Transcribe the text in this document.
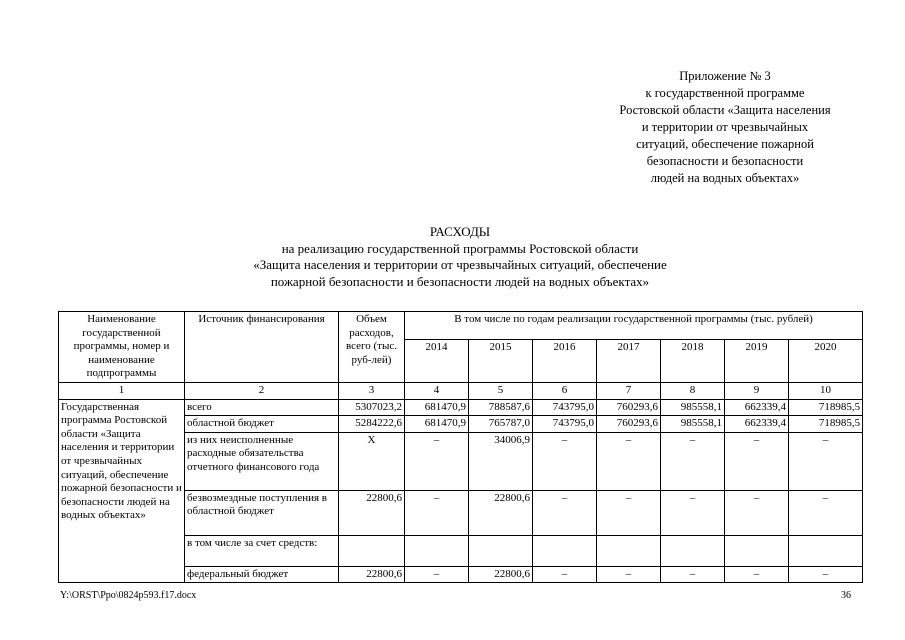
Приложение № 3
к государственной программе
Ростовской области «Защита населения
и территории от чрезвычайных
ситуаций, обеспечение пожарной
безопасности и безопасности
людей на водных объектах»
РАСХОДЫ
на реализацию государственной программы Ростовской области
«Защита населения и территории от чрезвычайных ситуаций, обеспечение
пожарной безопасности и безопасности людей на водных объектах»
Наименование государственной программы, номер и наименование подпрограммы	Источник финансирования	Объем расходов, всего (тыс. руб-лей)	В том числе по годам реализации государственной программы (тыс. рублей)						
			2014	2015	2016	2017	2018	2019	2020
1	2	3	4	5	6	7	8	9	10
Государственная программа Ростовской области «Защита населения и территории от чрезвычайных ситуаций, обеспечение пожарной безопасности и безопасности людей на водных объектах»	всего	5307023,2	681470,9	788587,6	743795,0	760293,6	985558,1	662339,4	718985,5
	областной бюджет	5284222,6	681470,9	765787,0	743795,0	760293,6	985558,1	662339,4	718985,5
	из них неисполненные расходные обязательства отчетного финансового года	X	–	34006,9	–	–	–	–	–
	безвозмездные поступления в областной бюджет	22800,6	–	22800,6	–	–	–	–	–
	в том числе за счет средств:								
	федеральный бюджет	22800,6	–	22800,6	–	–	–	–	–
Y:\ORST\Ppo\0824p593.f17.docx	36
